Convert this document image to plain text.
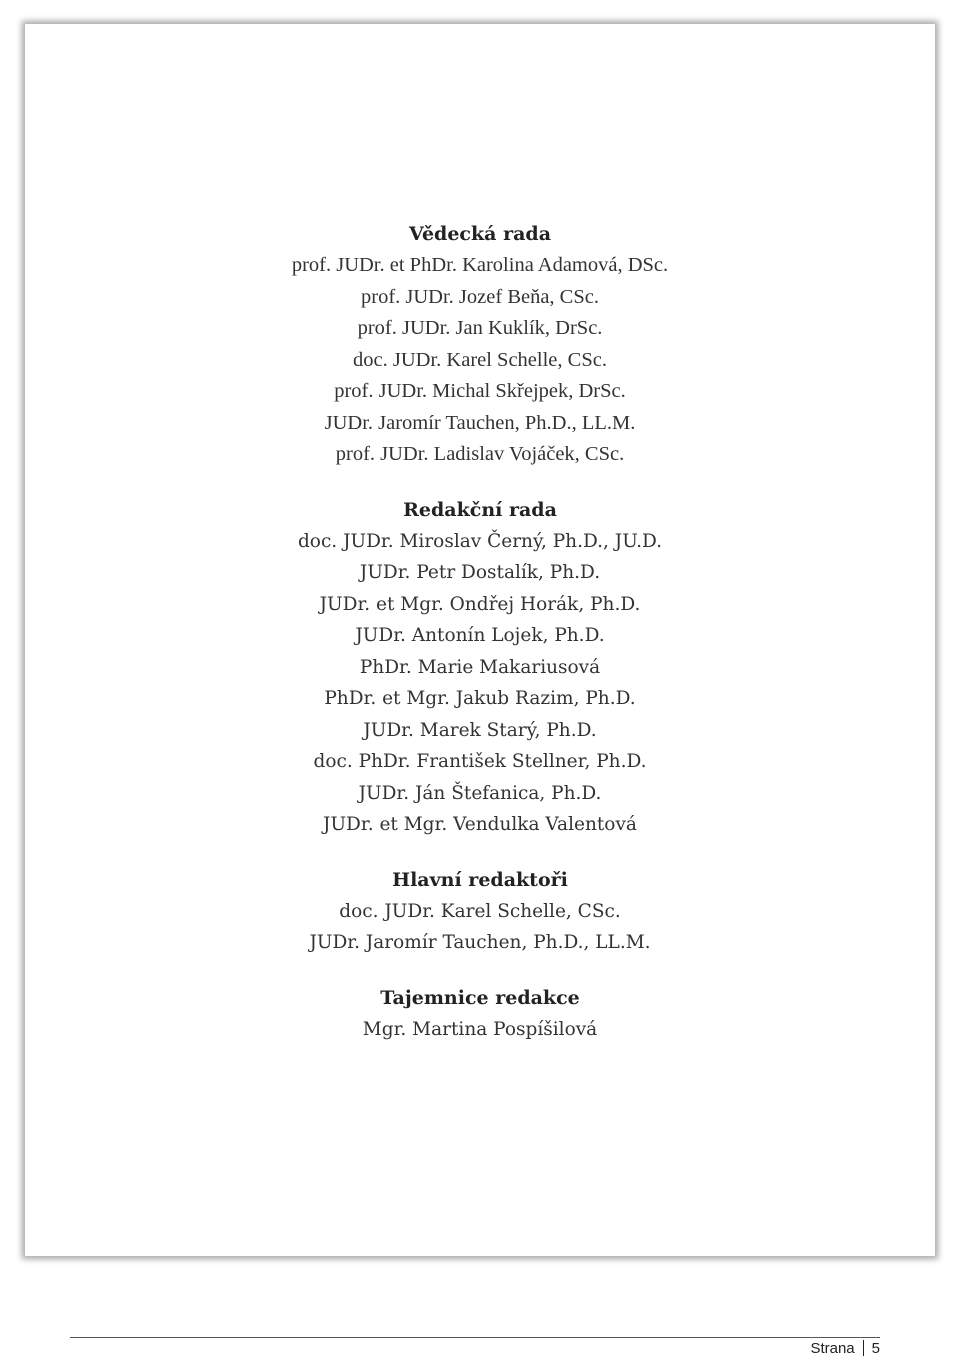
Vědecká rada
prof. JUDr. et PhDr. Karolina Adamová, DSc.
prof. JUDr. Jozef Beňa, CSc.
prof. JUDr. Jan Kuklík, DrSc.
doc. JUDr. Karel Schelle, CSc.
prof. JUDr. Michal Skřejpek, DrSc.
JUDr. Jaromír Tauchen, Ph.D., LL.M.
prof. JUDr. Ladislav Vojáček, CSc.
Redakční rada
doc. JUDr. Miroslav Černý, Ph.D., JU.D.
JUDr. Petr Dostalík, Ph.D.
JUDr. et Mgr. Ondřej Horák, Ph.D.
JUDr. Antonín Lojek, Ph.D.
PhDr. Marie Makariusová
PhDr. et Mgr. Jakub Razim, Ph.D.
JUDr. Marek Starý, Ph.D.
doc. PhDr. František Stellner, Ph.D.
JUDr. Ján Štefanica, Ph.D.
JUDr. et Mgr. Vendulka Valentová
Hlavní redaktoři
doc. JUDr. Karel Schelle, CSc.
JUDr. Jaromír Tauchen, Ph.D., LL.M.
Tajemnice redakce
Mgr. Martina Pospíšilová
Strana 5
